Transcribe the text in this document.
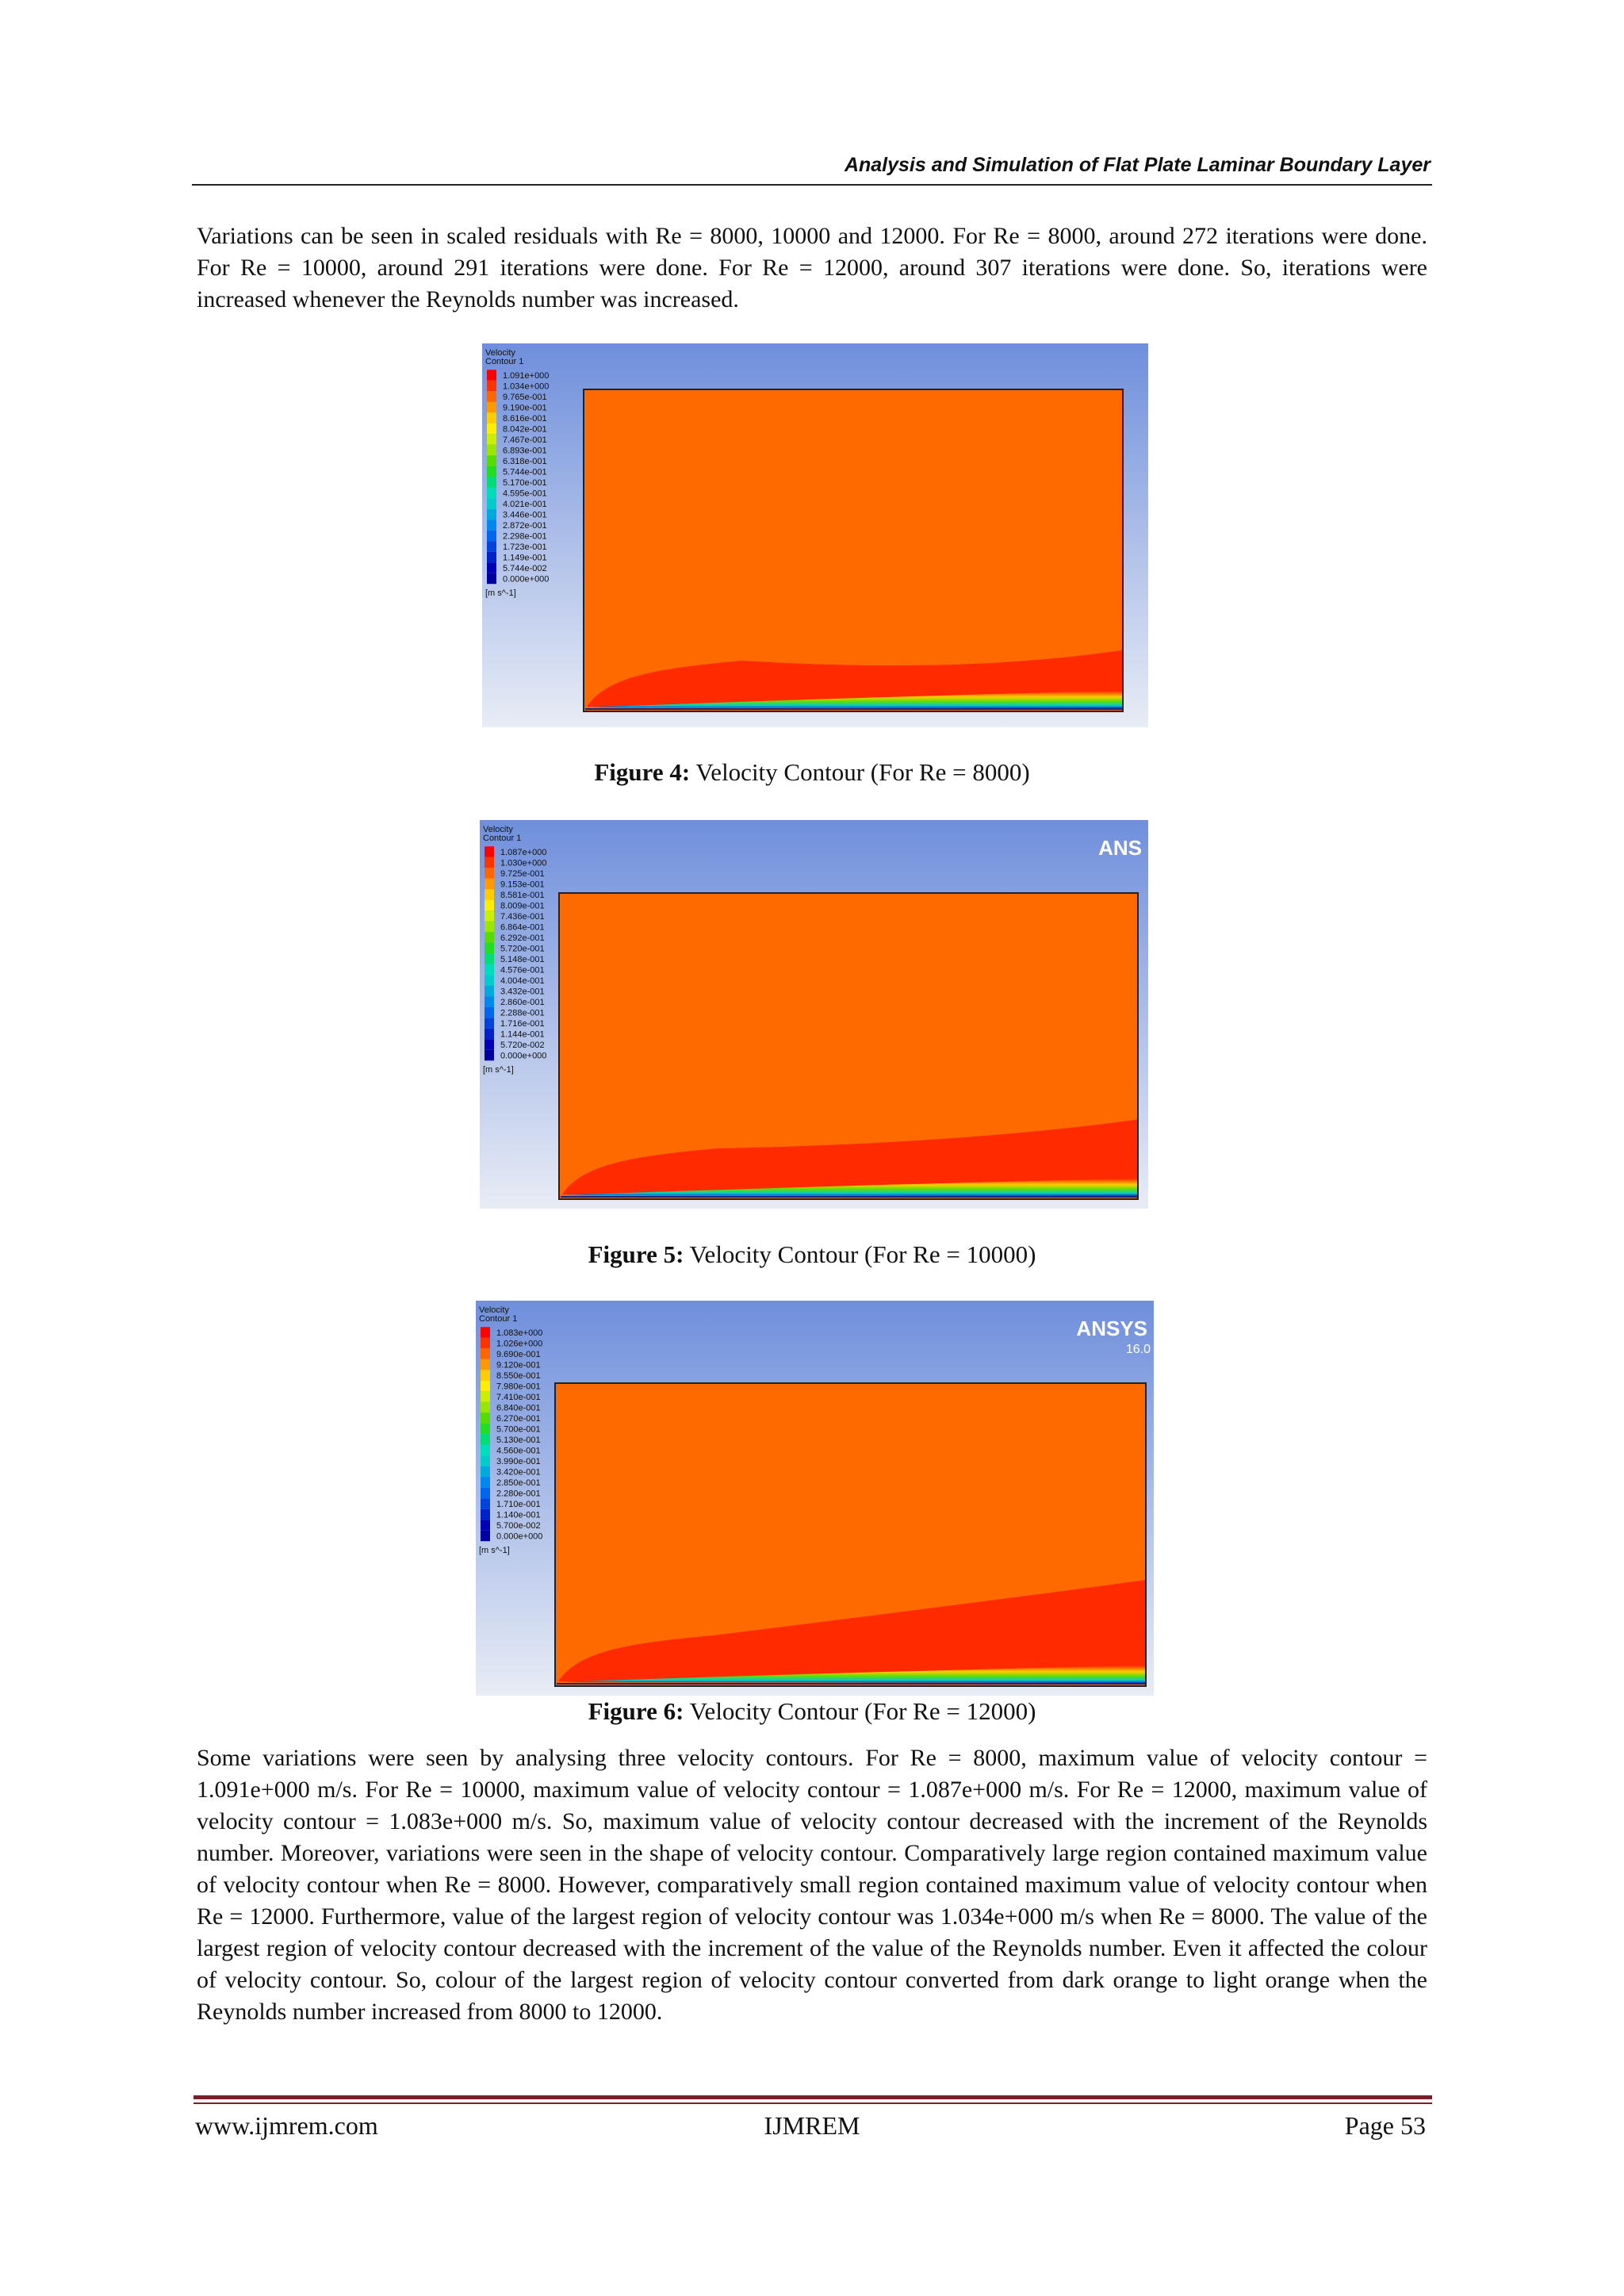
Analysis and Simulation of Flat Plate Laminar Boundary Layer

Variations can be seen in scaled residuals with Re = 8000, 10000 and 12000. For Re = 8000, around 272 iterations were done. For Re = 10000, around 291 iterations were done. For Re = 12000, around 307 iterations were done. So, iterations were increased whenever the Reynolds number was increased.

Velocity
Contour 1
1.091e+000
1.034e+000
9.765e-001
9.190e-001
8.616e-001
8.042e-001
7.467e-001
6.893e-001
6.318e-001
5.744e-001
5.170e-001
4.595e-001
4.021e-001
3.446e-001
2.872e-001
2.298e-001
1.723e-001
1.149e-001
5.744e-002
0.000e+000
[m s^-1]
Figure 4: Velocity Contour (For Re = 8000)
Velocity
Contour 1
1.087e+000
1.030e+000
9.725e-001
9.153e-001
8.581e-001
8.009e-001
7.436e-001
6.864e-001
6.292e-001
5.720e-001
5.148e-001
4.576e-001
4.004e-001
3.432e-001
2.860e-001
2.288e-001
1.716e-001
1.144e-001
5.720e-002
0.000e+000
[m s^-1]
ANS
Figure 5: Velocity Contour (For Re = 10000)
Velocity
Contour 1
1.083e+000
1.026e+000
9.690e-001
9.120e-001
8.550e-001
7.980e-001
7.410e-001
6.840e-001
6.270e-001
5.700e-001
5.130e-001
4.560e-001
3.990e-001
3.420e-001
2.850e-001
2.280e-001
1.710e-001
1.140e-001
5.700e-002
0.000e+000
[m s^-1]
ANSYS
16.0
Figure 6: Velocity Contour (For Re = 12000)

Some variations were seen by analysing three velocity contours. For Re = 8000, maximum value of velocity contour = 1.091e+000 m/s. For Re = 10000, maximum value of velocity contour = 1.087e+000 m/s. For Re = 12000, maximum value of velocity contour = 1.083e+000 m/s. So, maximum value of velocity contour decreased with the increment of the Reynolds number. Moreover, variations were seen in the shape of velocity contour. Comparatively large region contained maximum value of velocity contour when Re = 8000. However, comparatively small region contained maximum value of velocity contour when Re = 12000. Furthermore, value of the largest region of velocity contour was 1.034e+000 m/s when Re = 8000. The value of the largest region of velocity contour decreased with the increment of the value of the Reynolds number. Even it affected the colour of velocity contour. So, colour of the largest region of velocity contour converted from dark orange to light orange when the Reynolds number increased from 8000 to 12000.

www.ijmrem.com	IJMREM	Page 53
